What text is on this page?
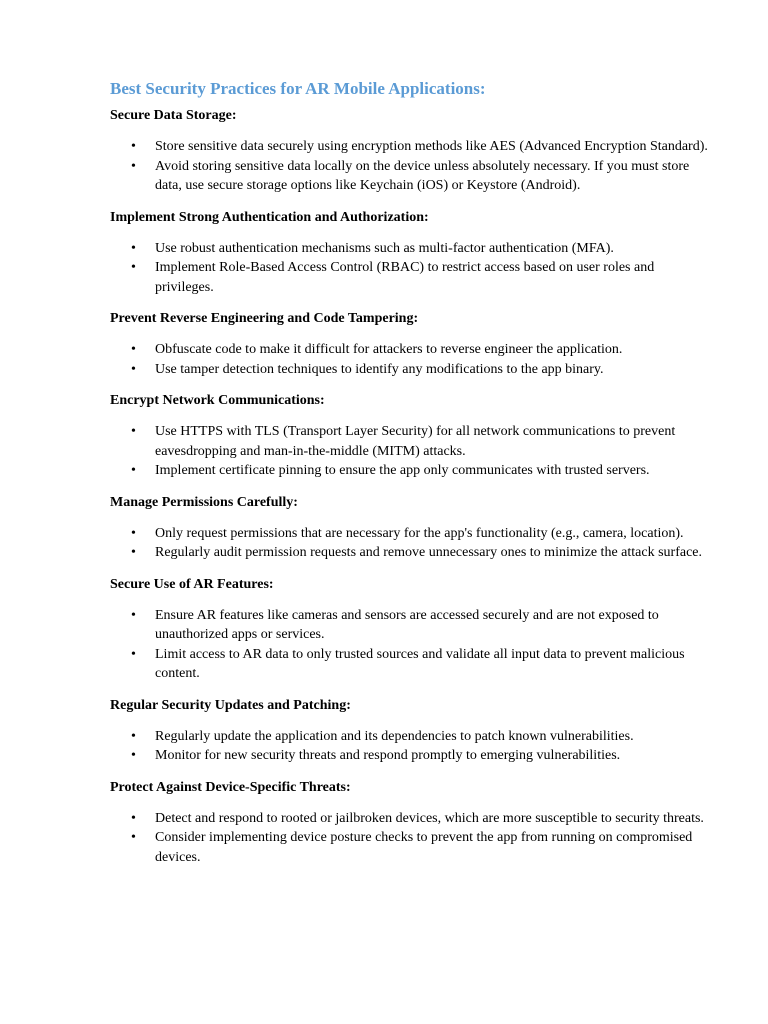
Best Security Practices for AR Mobile Applications:
Secure Data Storage:
• Store sensitive data securely using encryption methods like AES (Advanced Encryption Standard).
• Avoid storing sensitive data locally on the device unless absolutely necessary. If you must store data, use secure storage options like Keychain (iOS) or Keystore (Android).
Implement Strong Authentication and Authorization:
• Use robust authentication mechanisms such as multi-factor authentication (MFA).
• Implement Role-Based Access Control (RBAC) to restrict access based on user roles and privileges.
Prevent Reverse Engineering and Code Tampering:
• Obfuscate code to make it difficult for attackers to reverse engineer the application.
• Use tamper detection techniques to identify any modifications to the app binary.
Encrypt Network Communications:
• Use HTTPS with TLS (Transport Layer Security) for all network communications to prevent eavesdropping and man-in-the-middle (MITM) attacks.
• Implement certificate pinning to ensure the app only communicates with trusted servers.
Manage Permissions Carefully:
• Only request permissions that are necessary for the app's functionality (e.g., camera, location).
• Regularly audit permission requests and remove unnecessary ones to minimize the attack surface.
Secure Use of AR Features:
• Ensure AR features like cameras and sensors are accessed securely and are not exposed to unauthorized apps or services.
• Limit access to AR data to only trusted sources and validate all input data to prevent malicious content.
Regular Security Updates and Patching:
• Regularly update the application and its dependencies to patch known vulnerabilities.
• Monitor for new security threats and respond promptly to emerging vulnerabilities.
Protect Against Device-Specific Threats:
• Detect and respond to rooted or jailbroken devices, which are more susceptible to security threats.
• Consider implementing device posture checks to prevent the app from running on compromised devices.
